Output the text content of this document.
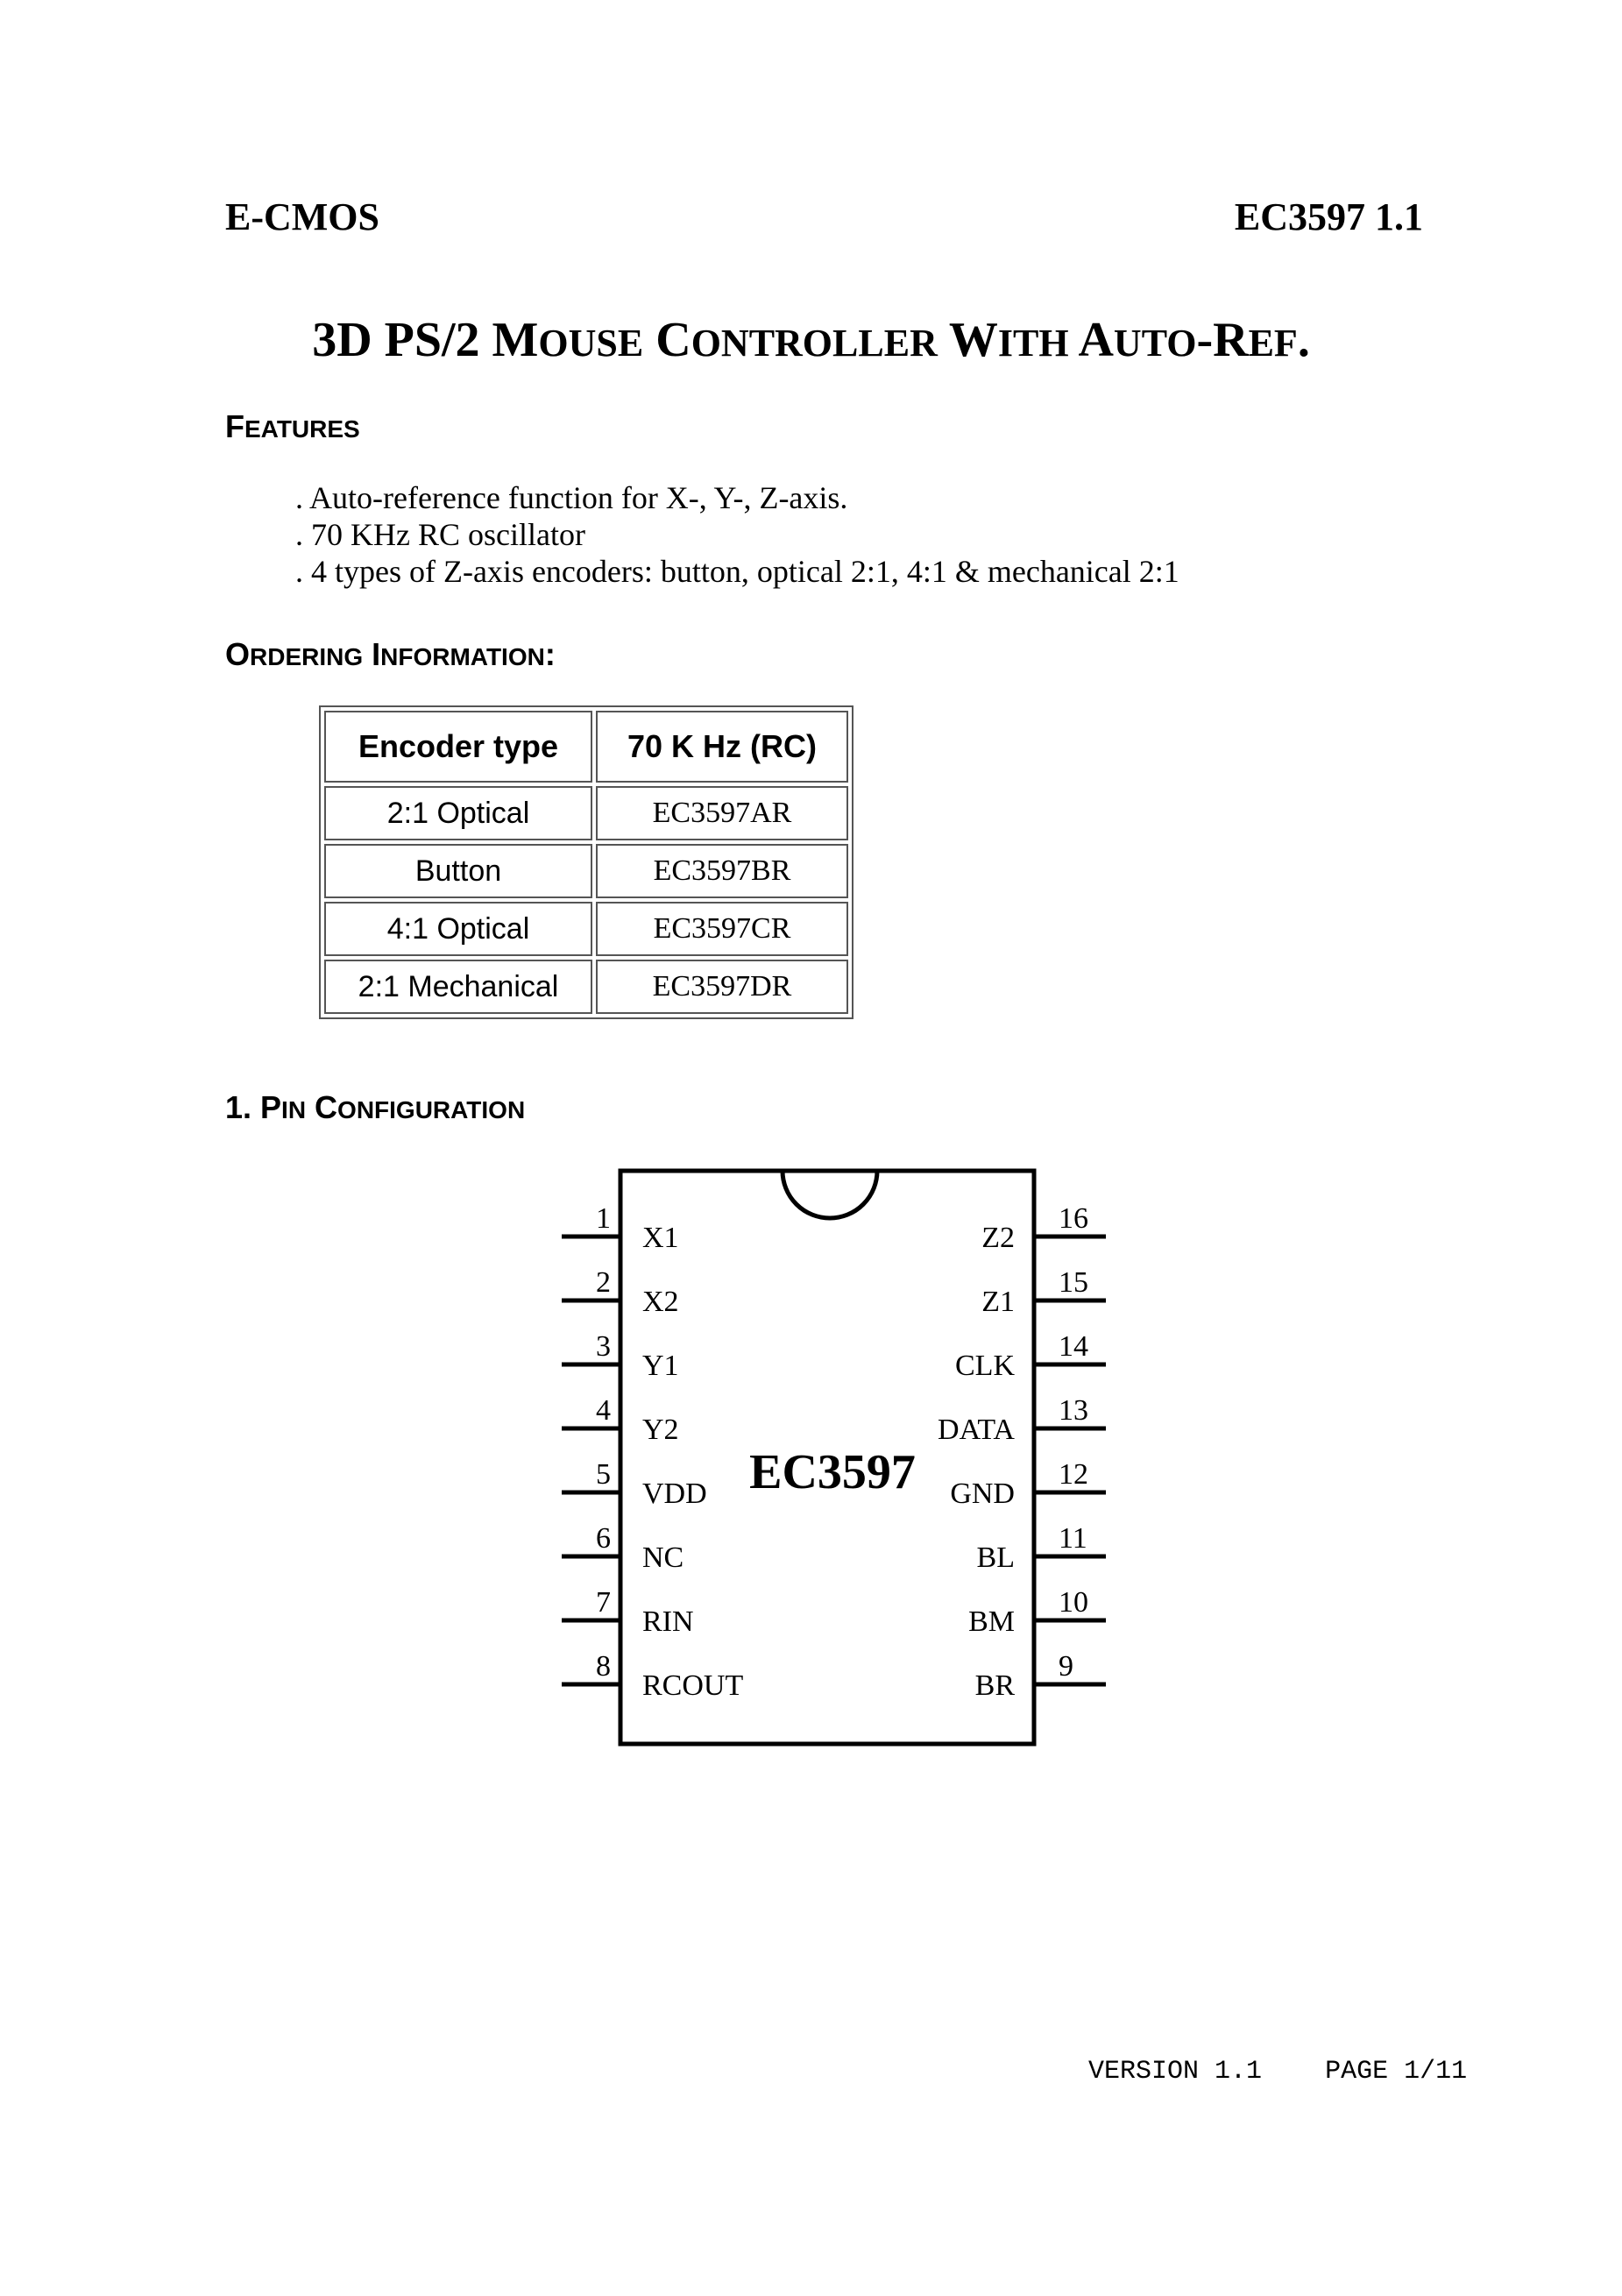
E-CMOS	EC3597 1.1
3D PS/2 MOUSE CONTROLLER WITH AUTO-REF.
FEATURES
. Auto-reference function for X-, Y-, Z-axis.
. 70 KHz RC oscillator
. 4 types of Z-axis encoders: button, optical 2:1, 4:1 & mechanical 2:1
ORDERING INFORMATION:
Encoder type	70 K Hz (RC)
2:1 Optical	EC3597AR
Button	EC3597BR
4:1 Optical	EC3597CR
2:1 Mechanical	EC3597DR
1. PIN CONFIGURATION
1
X1
2
X2
3
Y1
4
Y2
5
VDD
6
NC
7
RIN
8
RCOUT
16
Z2
15
Z1
14
CLK
13
DATA
12
GND
11
BL
10
BM
9
BR
EC3597
VERSION 1.1 PAGE 1/11
